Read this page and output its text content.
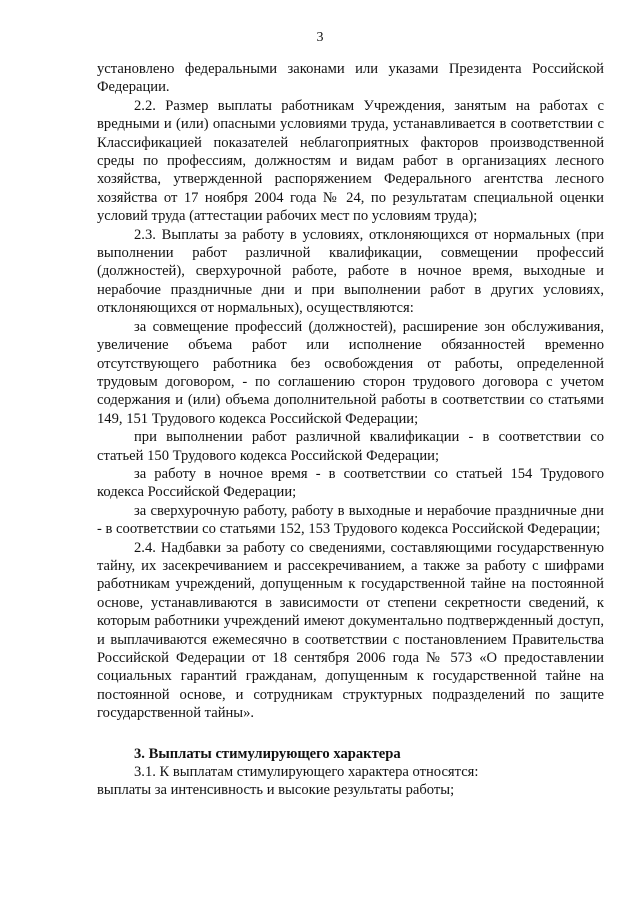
3

установлено федеральными законами или указами Президента Российской Федерации.

2.2. Размер выплаты работникам Учреждения, занятым на работах с вредными и (или) опасными условиями труда, устанавливается в соответствии с Классификацией показателей неблагоприятных факторов производственной среды по профессиям, должностям и видам работ в организациях лесного хозяйства, утвержденной распоряжением Федерального агентства лесного хозяйства от 17 ноября 2004 года № 24, по результатам специальной оценки условий труда (аттестации рабочих мест по условиям труда);

2.3. Выплаты за работу в условиях, отклоняющихся от нормальных (при выполнении работ различной квалификации, совмещении профессий (должностей), сверхурочной работе, работе в ночное время, выходные и нерабочие праздничные дни и при выполнении работ в других условиях, отклоняющихся от нормальных), осуществляются:

за совмещение профессий (должностей), расширение зон обслуживания, увеличение объема работ или исполнение обязанностей временно отсутствующего работника без освобождения от работы, определенной трудовым договором, - по соглашению сторон трудового договора с учетом содержания и (или) объема дополнительной работы в соответствии со статьями 149, 151 Трудового кодекса Российской Федерации;

при выполнении работ различной квалификации - в соответствии со статьей 150 Трудового кодекса Российской Федерации;

за работу в ночное время - в соответствии со статьей 154 Трудового кодекса Российской Федерации;

за сверхурочную работу, работу в выходные и нерабочие праздничные дни - в соответствии со статьями 152, 153 Трудового кодекса Российской Федерации;

2.4. Надбавки за работу со сведениями, составляющими государственную тайну, их засекречиванием и рассекречиванием, а также за работу с шифрами работникам учреждений, допущенным к государственной тайне на постоянной основе, устанавливаются в зависимости от степени секретности сведений, к которым работники учреждений имеют документально подтвержденный доступ, и выплачиваются ежемесячно в соответствии с постановлением Правительства Российской Федерации от 18 сентября 2006 года № 573 «О предоставлении социальных гарантий гражданам, допущенным к государственной тайне на постоянной основе, и сотрудникам структурных подразделений по защите государственной тайны».

3. Выплаты стимулирующего характера

3.1. К выплатам стимулирующего характера относятся:

выплаты за интенсивность и высокие результаты работы;
